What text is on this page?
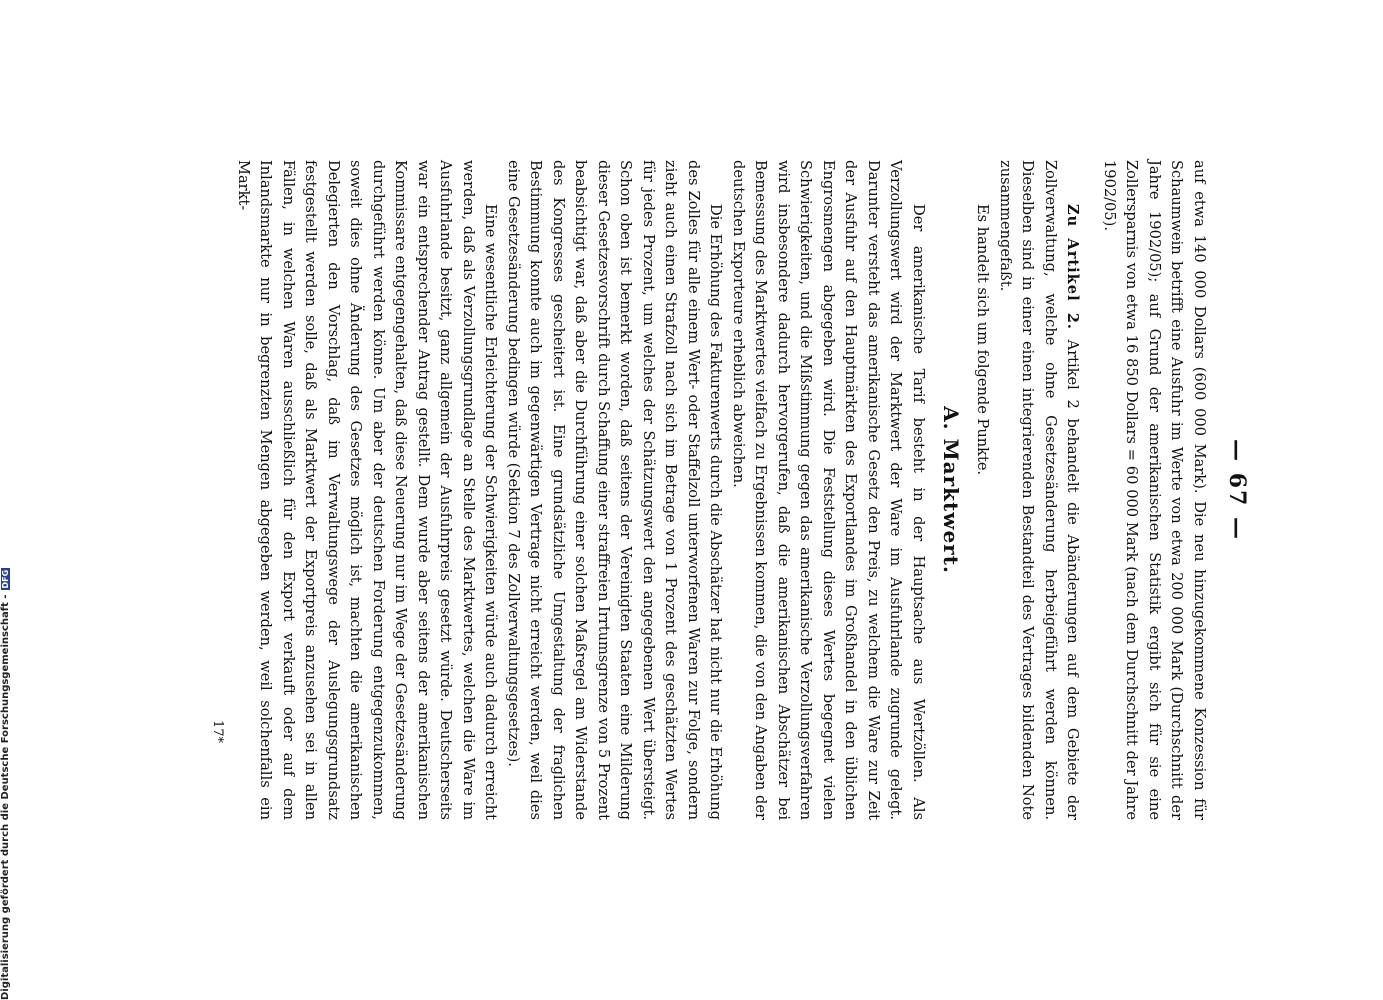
— 67 —

auf etwa 140 000 Dollars (600 000 Mark). Die neu hinzugekommene Konzession für Schaumwein betrifft eine Ausfuhr im Werte von etwa 200 000 Mark (Durchschnitt der Jahre 1902/05); auf Grund der amerikanischen Statistik ergibt sich für sie eine Zollersparnis von etwa 16 850 Dollars = 60 000 Mark (nach dem Durchschnitt der Jahre 1902/05).

Zu Artikel 2. Artikel 2 behandelt die Abänderungen auf dem Gebiete der Zollverwaltung, welche ohne Gesetzesänderung herbeigeführt werden können. Dieselben sind in einer einen integrierenden Bestandteil des Vertrages bildenden Note zusammengefaßt.

Es handelt sich um folgende Punkte.

A. Marktwert.

Der amerikanische Tarif besteht in der Hauptsache aus Wertzöllen. Als Verzollungswert wird der Marktwert der Ware im Ausfuhrlande zugrunde gelegt. Darunter versteht das amerikanische Gesetz den Preis, zu welchem die Ware zur Zeit der Ausfuhr auf den Hauptmärkten des Exportlandes im Großhandel in den üblichen Engrosmengen abgegeben wird. Die Feststellung dieses Wertes begegnet vielen Schwierigkeiten, und die Mißstimmung gegen das amerikanische Verzollungsverfahren wird insbesondere dadurch hervorgerufen, daß die amerikanischen Abschätzer bei Bemessung des Marktwertes vielfach zu Ergebnissen kommen, die von den Angaben der deutschen Exporteure erheblich abweichen.

Die Erhöhung des Fakturenwerts durch die Abschätzer hat nicht nur die Erhöhung des Zolles für alle einem Wert- oder Staffelzoll unterworfenen Waren zur Folge, sondern zieht auch einen Strafzoll nach sich im Betrage von 1 Prozent des geschätzten Wertes für jedes Prozent, um welches der Schätzungswert den angegebenen Wert übersteigt. Schon oben ist bemerkt worden, daß seitens der Vereinigten Staaten eine Milderung dieser Gesetzesvorschrift durch Schaffung einer straffreien Irrtumsgrenze von 5 Prozent beabsichtigt war, daß aber die Durchführung einer solchen Maßregel am Widerstande des Kongresses gescheitert ist. Eine grundsätzliche Umgestaltung der fraglichen Bestimmung konnte auch im gegenwärtigen Vertrage nicht erreicht werden, weil dies eine Gesetzesänderung bedingen würde (Sektion 7 des Zollverwaltungsgesetzes).

Eine wesentliche Erleichterung der Schwierigkeiten würde auch dadurch erreicht werden, daß als Verzollungsgrundlage an Stelle des Marktwertes, welchen die Ware im Ausfuhrlande besitzt, ganz allgemein der Ausfuhrpreis gesetzt würde. Deutscherseits war ein entsprechender Antrag gestellt. Dem wurde aber seitens der amerikanischen Kommissare entgegengehalten, daß diese Neuerung nur im Wege der Gesetzesänderung durchgeführt werden könne. Um aber der deutschen Forderung entgegenzukommen, soweit dies ohne Änderung des Gesetzes möglich ist, machten die amerikanischen Delegierten den Vorschlag, daß im Verwaltungswege der Auslegungsgrundsatz festgestellt werden solle, daß als Marktwert der Exportpreis anzusehen sei in allen Fällen, in welchen Waren ausschließlich für den Export verkauft oder auf dem Inlandsmarkte nur in begrenzten Mengen abgegeben werden, weil solchenfalls ein Markt-

17*
Digitalisierung gefördert durch die Deutsche Forschungsgemeinschaft -DFG
